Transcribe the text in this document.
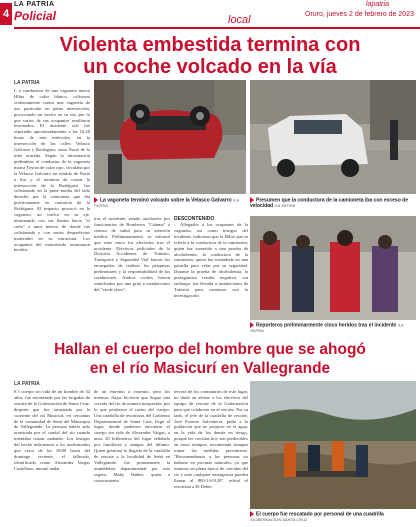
4
LA PATRIA
Policial	local
lapatria
Oruro, jueves 2 de febrero de 2023
Violenta embestida termina con
un coche volcado en la vía
LA PATRIA

L a conductora de una vagoneta marca Hilux de color blanco, colisionó violentamente contra una vagoneta de uso particular en plena intersección, provocando un vuelco en su vía, por lo que varios de sus ocupantes resultaron lesionados. El incidente vial fue reportado aproximadamente a las 16:20 horas de este miércoles, en la intersección de las calles Velasco Galvarro y Rodríguez, zona Norte de la urbe orureña. Según la información preliminar, el conductor de la vagoneta marca Toyota de color rojo, circulaba por la Velasco Galvarro en sentido de Norte a Sur y al terminar de cruzar la intersección de la Rodríguez, fue colisionado en la parte media del lado derecho por la camioneta que iba prácticamente en contravía de la Rodríguez. El impacto provocó en la vagoneta, un vuelco en su eje, terminando con sus llantas hacia "el cielo" a unos metros de donde fue colisionada y con serios desperfectos materiales en su estructura. Los ocupantes del motorizado terminaron heridos

La vagoneta terminó volcado sobre la Velasco Galvarro /LA PATRIA
Presumen que la conductora de la camioneta iba con exceso de velocidad /LA PATRIA

tras el incidente, siendo auxiliados por funcionarios de Bomberos "Calama" a centros de salud para su atención médica. Preliminarmente, se informó que eran cinco los afectados tras el accidente. Efectivos policiales de la División Accidentes de Tránsito, Transporte y Seguridad Vial fueron los encargados de realizar las pesquisas preliminares y la responsabilidad de los conductores. Ambos coches fueron remolcados por una grúa a instalaciones del "verde olivo".

DESCONTENIDO

Allegados a los ocupantes de la vagoneta, así como testigos del incidente, indicaron que la Hilux que se refería a la conductora de la camioneta, quien fue sometida a una prueba de alcoholemia; la conductora de la camioneta, quien fue trasladada en una patrulla para velar por su seguridad. Durante la prueba de alcoholemia, la protagonista resultó negativo, sin embargo, fue llevada a instalaciones de Tránsito para continuar con la investigación.

Reporteros preliminarmente cinco heridos tras el incidente /LA PATRIA
Hallan el cuerpo del hombre que se ahogó
en el río Masicurí en Vallegrande
LA PATRIA

E l cuerpo sin vida de un hombre de 32 años, fue encontrado por las brigadas de rescate de la Gobernación de Santa Cruz, después que fue arrastrado por la corriente del río Masicurí, en cercanías de la comunidad de Senú del Municipio de Vallegrande. La persona habría sido arrastrada por el caudal del río cuando intentaba cruzar nadando. Los testigos del hecho informaron a los uniformados que cerca de las 18:00 horas del domingo reciente, el fallecido, identificado como Alexander Vargas Castellano, intentó nadar

de un extremo a extremo, pero los intensos flujos hicieron que llegue una crecida del río de manera inesperada, por lo que perdieron el rastro del cuerpo. Una cuadrilla de rescatistas del Gobierno Departamental de Santa Cruz, llegó al lugar, donde pudieron encontrar el cuerpo sin vida de Alexander Vargas, a unos 20 kilómetros del lugar señalado por familiares y amigos del difunto. Quien gestionó la llegada de la cuadrilla de rescate a la localidad de Senú en Vallegrande, fue prontamente la asambleísta departamental por esta región, Maby Ibáñez, quien a conocimiento

tercera de los comunarios de este lugar, no dudó en alertar a los efectivos del equipo de rescate de la Gobernación para que colaboren en el rescate. Por su lado, el jefe de la cuadrilla de rescate, José Ernesto Salvatierra, pidió a la población que no propicie en el agua, en la vida de los demás en riesgo, porque las crecidas hoy son predecibles en estos tiempos, recomienda siempre tomar las medidas preventivas. "Recomendamos a las personas no bañarse en piscinas naturales, ya que estamos en plena época de crecidas del río y ante cualquier emergencia pueden llamar al 800-14-0128", refirió el rescatista a El Deber.

El cuerpo fue rescatado por personal de una cuadrilla /GOBERNACIÓN SANTA CRUZ
